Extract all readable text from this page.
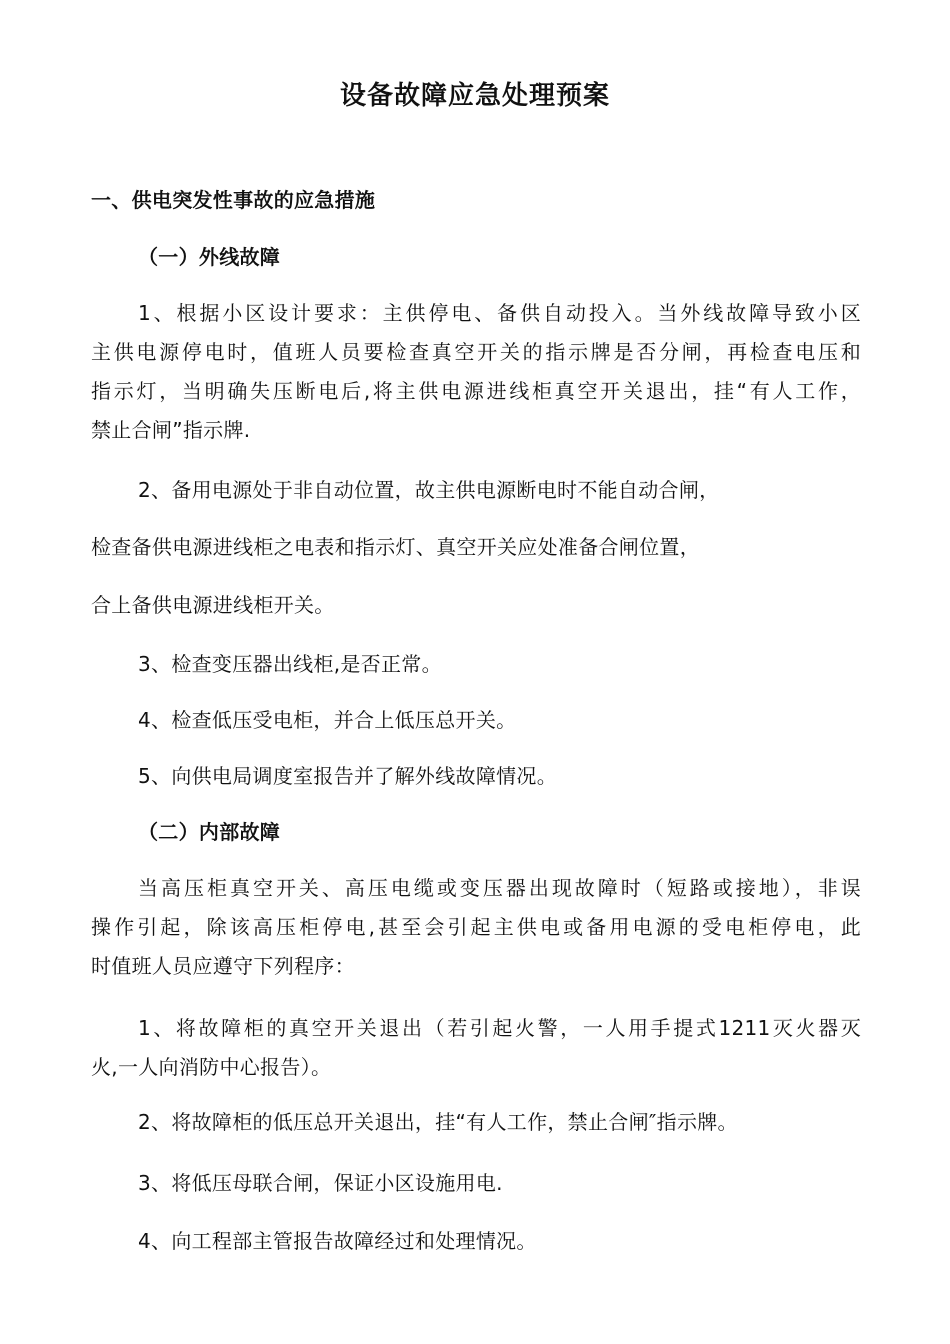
设备故障应急处理预案
一、供电突发性事故的应急措施
（一）外线故障
1、根据小区设计要求：主供停电、备供自动投入。当外线故障导致小区
主供电源停电时，值班人员要检查真空开关的指示牌是否分闸，再检查电压和
指示灯，当明确失压断电后,将主供电源进线柜真空开关退出，挂“有人工作，
禁止合闸”指示牌.
2、备用电源处于非自动位置，故主供电源断电时不能自动合闸，
检查备供电源进线柜之电表和指示灯、真空开关应处准备合闸位置，
合上备供电源进线柜开关。
3、检查变压器出线柜,是否正常。
4、检查低压受电柜，并合上低压总开关。
5、向供电局调度室报告并了解外线故障情况。
（二）内部故障
当高压柜真空开关、高压电缆或变压器出现故障时（短路或接地），非误
操作引起，除该高压柜停电,甚至会引起主供电或备用电源的受电柜停电，此
时值班人员应遵守下列程序：
1、将故障柜的真空开关退出（若引起火警，一人用手提式1211灭火器灭
火,一人向消防中心报告）。
2、将故障柜的低压总开关退出，挂“有人工作，禁止合闸″指示牌。
3、将低压母联合闸，保证小区设施用电.
4、向工程部主管报告故障经过和处理情况。
